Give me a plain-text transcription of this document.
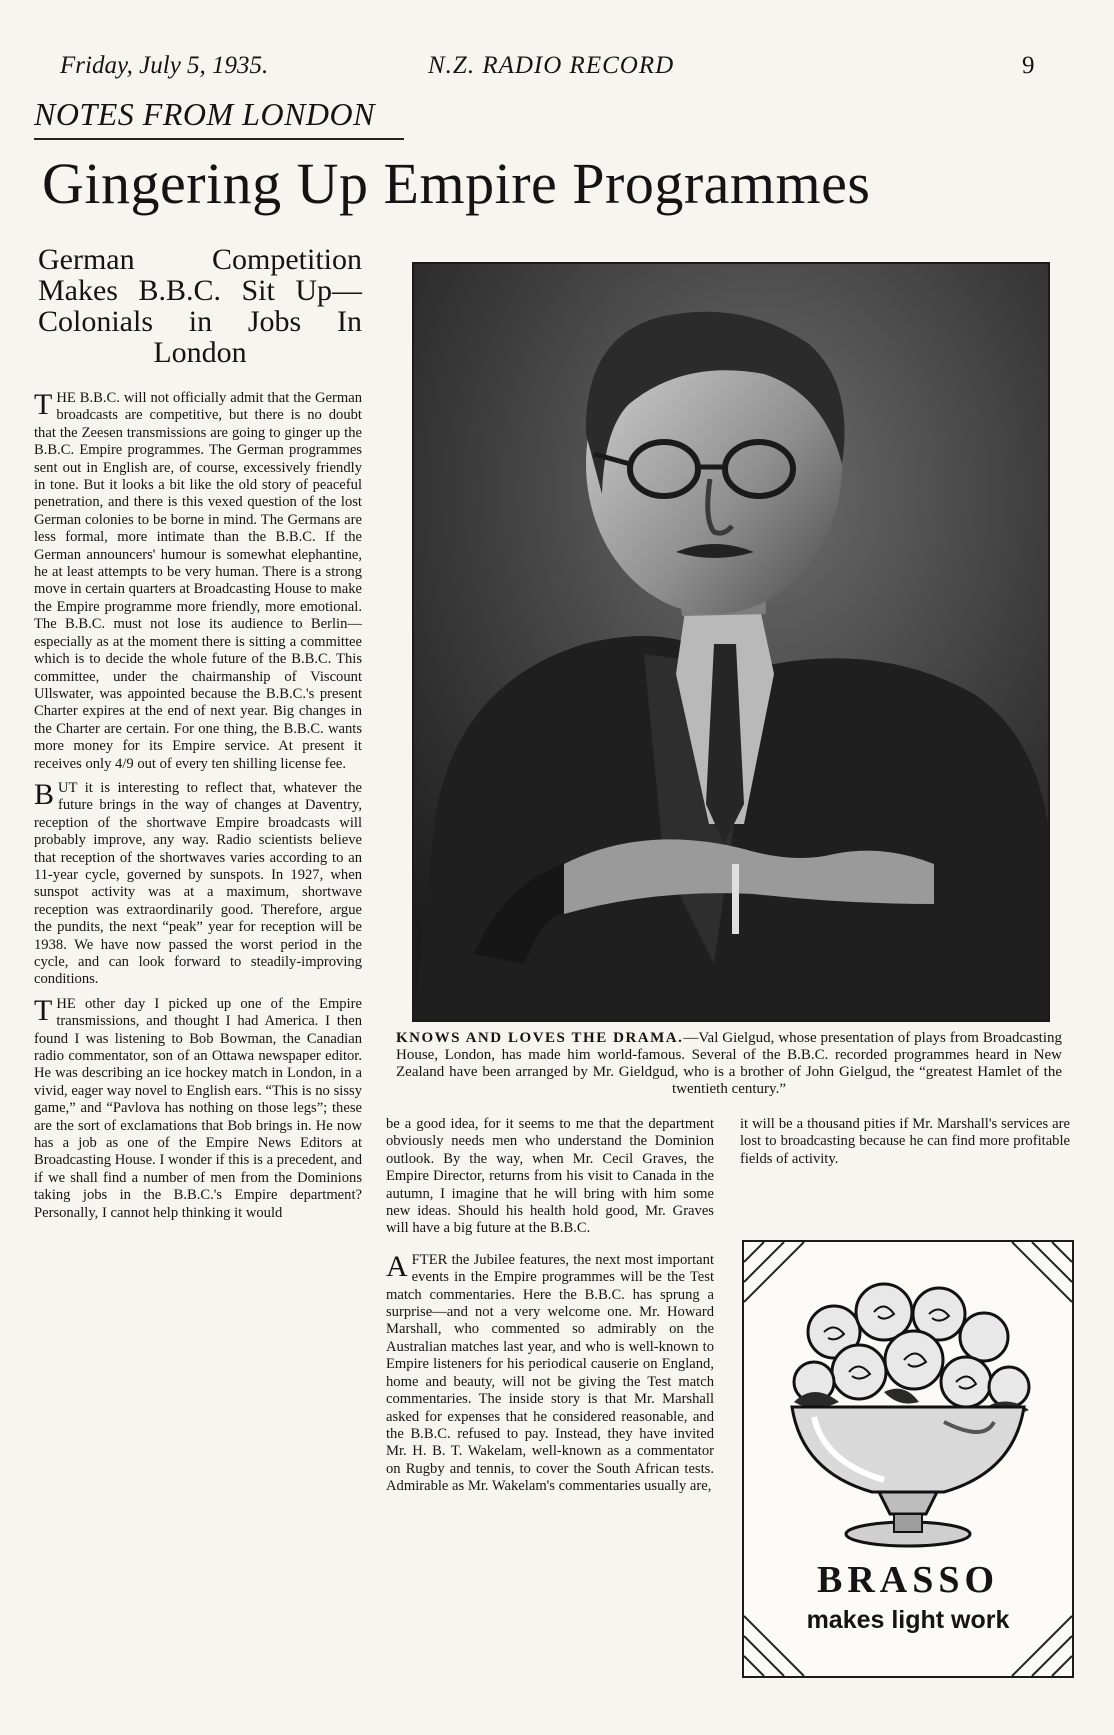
Friday, July 5, 1935.	N.Z. RADIO RECORD	9
NOTES FROM LONDON
Gingering Up Empire Programmes
German Competition Makes B.B.C. Sit Up—Colonials in Jobs In London

THE B.B.C. will not officially admit that the German broadcasts are competitive, but there is no doubt that the Zeesen transmissions are going to ginger up the B.B.C. Empire programmes. The German programmes sent out in English are, of course, excessively friendly in tone. But it looks a bit like the old story of peaceful penetration, and there is this vexed question of the lost German colonies to be borne in mind. The Germans are less formal, more intimate than the B.B.C. If the German announcers' humour is somewhat elephantine, he at least attempts to be very human. There is a strong move in certain quarters at Broadcasting House to make the Empire programme more friendly, more emotional. The B.B.C. must not lose its audience to Berlin—especially as at the moment there is sitting a committee which is to decide the whole future of the B.B.C. This committee, under the chairmanship of Viscount Ullswater, was appointed because the B.B.C.'s present Charter expires at the end of next year. Big changes in the Charter are certain. For one thing, the B.B.C. wants more money for its Empire service. At present it receives only 4/9 out of every ten shilling license fee.

BUT it is interesting to reflect that, whatever the future brings in the way of changes at Daventry, reception of the shortwave Empire broadcasts will probably improve, any way. Radio scientists believe that reception of the shortwaves varies according to an 11-year cycle, governed by sunspots. In 1927, when sunspot activity was at a maximum, shortwave reception was extraordinarily good. Therefore, argue the pundits, the next “peak” year for reception will be 1938. We have now passed the worst period in the cycle, and can look forward to steadily-improving conditions.

THE other day I picked up one of the Empire transmissions, and thought I had America. I then found I was listening to Bob Bowman, the Canadian radio commentator, son of an Ottawa newspaper editor. He was describing an ice hockey match in London, in a vivid, eager way novel to English ears. “This is no sissy game,” and “Pavlova has nothing on those legs”; these are the sort of exclamations that Bob brings in. He now has a job as one of the Empire News Editors at Broadcasting House. I wonder if this is a precedent, and if we shall find a number of men from the Dominions taking jobs in the B.B.C.'s Empire department? Personally, I cannot help thinking it would

KNOWS AND LOVES THE DRAMA.—Val Gielgud, whose presentation of plays from Broadcasting House, London, has made him world-famous. Several of the B.B.C. recorded programmes heard in New Zealand have been arranged by Mr. Gieldgud, who is a brother of John Gielgud, the “greatest Hamlet of the twentieth century.”

be a good idea, for it seems to me that the department obviously needs men who understand the Dominion outlook. By the way, when Mr. Cecil Graves, the Empire Director, returns from his visit to Canada in the autumn, I imagine that he will bring with him some new ideas. Should his health hold good, Mr. Graves will have a big future at the B.B.C.

AFTER the Jubilee features, the next most important events in the Empire programmes will be the Test match commentaries. Here the B.B.C. has sprung a surprise—and not a very welcome one. Mr. Howard Marshall, who commented so admirably on the Australian matches last year, and who is well-known to Empire listeners for his periodical causerie on England, home and beauty, will not be giving the Test match commentaries. The inside story is that Mr. Marshall asked for expenses that he considered reasonable, and the B.B.C. refused to pay. Instead, they have invited Mr. H. B. T. Wakelam, well-known as a commentator on Rugby and tennis, to cover the South African tests. Admirable as Mr. Wakelam's commentaries usually are,

it will be a thousand pities if Mr. Marshall's services are lost to broadcasting because he can find more profitable fields of activity.

BRASSO
makes light work
